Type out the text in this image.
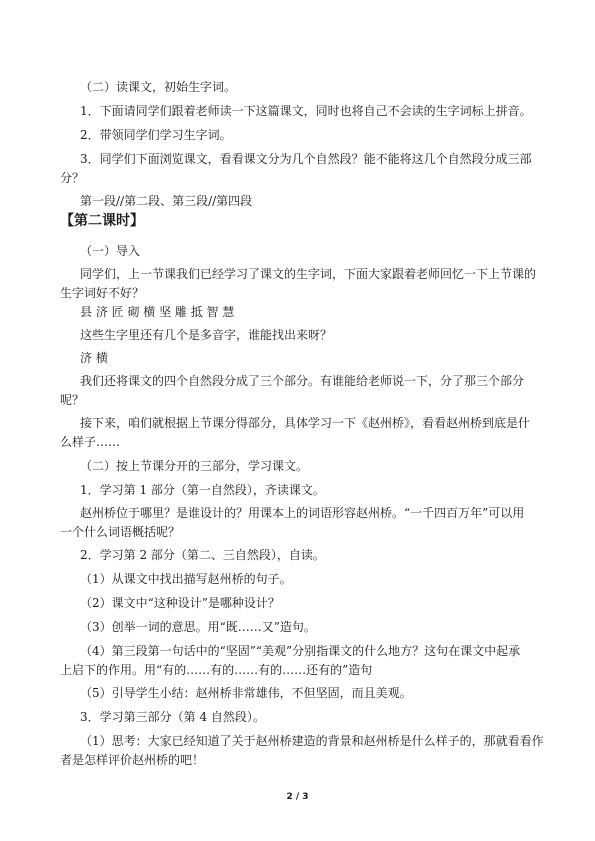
（二）读课文，初始生字词。
1．下面请同学们跟着老师读一下这篇课文，同时也将自己不会读的生字词标上拼音。
2．带领同学们学习生字词。
3．同学们下面浏览课文，看看课文分为几个自然段？能不能将这几个自然段分成三部
分？
第一段//第二段、第三段//第四段
【第二课时】
（一）导入
同学们，上一节课我们已经学习了课文的生字词，下面大家跟着老师回忆一下上节课的
生字词好不好？
县 济 匠 砌 横 坚 雕 抵 智 慧
这些生字里还有几个是多音字，谁能找出来呀？
济 横
我们还将课文的四个自然段分成了三个部分。有谁能给老师说一下，分了那三个部分
呢？
接下来，咱们就根据上节课分得部分，具体学习一下《赵州桥》，看看赵州桥到底是什
么样子……
（二）按上节课分开的三部分，学习课文。
1．学习第 1 部分（第一自然段），齐读课文。
赵州桥位于哪里？是谁设计的？用课本上的词语形容赵州桥。“一千四百万年”可以用
一个什么词语概括呢？
2．学习第 2 部分（第二、三自然段），自读。
（1）从课文中找出描写赵州桥的句子。
（2）课文中“这种设计”是哪种设计？
（3）创举一词的意思。用“既……又”造句。
（4）第三段第一句话中的“坚固”“美观”分别指课文的什么地方？这句在课文中起承
上启下的作用。用“有的……有的……有的……还有的”造句
（5）引导学生小结：赵州桥非常雄伟，不但坚固，而且美观。
3．学习第三部分（第 4 自然段）。
（1）思考：大家已经知道了关于赵州桥建造的背景和赵州桥是什么样子的，那就看看作
者是怎样评价赵州桥的吧！
2 / 3
